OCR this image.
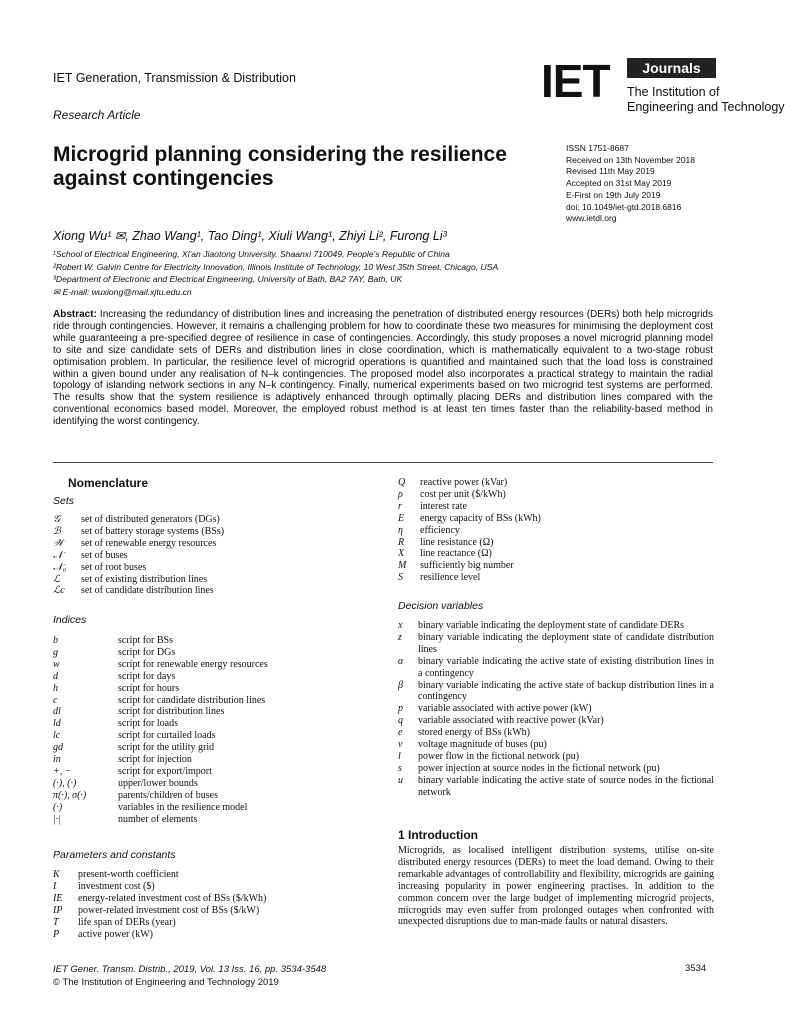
IET Generation, Transmission & Distribution
Research Article
IET	Journals
The Institution of
Engineering and Technology
Microgrid planning considering the resilience against contingencies
ISSN 1751-8687
Received on 13th November 2018
Revised 11th May 2019
Accepted on 31st May 2019
E-First on 19th July 2019
doi: 10.1049/iet-gtd.2018.6816
www.ietdl.org
Xiong Wu¹ ✉, Zhao Wang¹, Tao Ding¹, Xiuli Wang¹, Zhiyi Li², Furong Li³
¹School of Electrical Engineering, Xi'an Jiaotong University, Shaanxi 710049, People's Republic of China
²Robert W. Galvin Centre for Electricity Innovation, Illinois Institute of Technology, 10 West 35th Street, Chicago, USA
³Department of Electronic and Electrical Engineering, University of Bath, BA2 7AY, Bath, UK
✉ E-mail: wuxiong@mail.xjtu.edu.cn
Abstract: Increasing the redundancy of distribution lines and increasing the penetration of distributed energy resources (DERs) both help microgrids ride through contingencies. However, it remains a challenging problem for how to coordinate these two measures for minimising the deployment cost while guaranteeing a pre-specified degree of resilience in case of contingencies. Accordingly, this study proposes a novel microgrid planning model to site and size candidate sets of DERs and distribution lines in close coordination, which is mathematically equivalent to a two-stage robust optimisation problem. In particular, the resilience level of microgrid operations is quantified and maintained such that the load loss is constrained within a given bound under any realisation of N–k contingencies. The proposed model also incorporates a practical strategy to maintain the radial topology of islanding network sections in any N–k contingency. Finally, numerical experiments based on two microgrid test systems are performed. The results show that the system resilience is adaptively enhanced through optimally placing DERs and distribution lines compared with the conventional economics based model. Moreover, the employed robust method is at least ten times faster than the reliability-based method in identifying the worst contingency.
Nomenclature
Sets
𝒢	set of distributed generators (DGs)
ℬ	set of battery storage systems (BSs)
𝒲	set of renewable energy resources
𝒩	set of buses
𝒩₀	set of root buses
ℒ	set of existing distribution lines
ℒc	set of candidate distribution lines
Indices
b	script for BSs
g	script for DGs
w	script for renewable energy resources
d	script for days
h	script for hours
c	script for candidate distribution lines
dl	script for distribution lines
ld	script for loads
lc	script for curtailed loads
gd	script for the utility grid
in	script for injection
+, −	script for export/import
(·), (·)	upper/lower bounds
π(·), σ(·)	parents/children of buses
(·)	variables in the resilience model
|·|	number of elements
Parameters and constants
K	present-worth coefficient
I	investment cost ($)
IE	energy-related investment cost of BSs ($/kWh)
IP	power-related investment cost of BSs ($/kW)
T	life span of DERs (year)
P	active power (kW)
Q	reactive power (kVar)
ρ	cost per unit ($/kWh)
r	interest rate
E	energy capacity of BSs (kWh)
η	efficiency
R	line resistance (Ω)
X	line reactance (Ω)
M	sufficiently big number
S	resilience level
Decision variables
x	binary variable indicating the deployment state of candidate DERs
z	binary variable indicating the deployment state of candidate distribution lines
α	binary variable indicating the active state of existing distribution lines in a contingency
β	binary variable indicating the active state of backup distribution lines in a contingency
p	variable associated with active power (kW)
q	variable associated with reactive power (kVar)
e	stored energy of BSs (kWh)
v	voltage magnitude of buses (pu)
l	power flow in the fictional network (pu)
s	power injection at source nodes in the fictional network (pu)
u	binary variable indicating the active state of source nodes in the fictional network
1 Introduction
Microgrids, as localised intelligent distribution systems, utilise on-site distributed energy resources (DERs) to meet the load demand. Owing to their remarkable advantages of controllability and flexibility, microgrids are gaining increasing popularity in power engineering practises. In addition to the common concern over the large budget of implementing microgrid projects, microgrids may even suffer from prolonged outages when confronted with unexpected disruptions due to man-made faults or natural disasters.
IET Gener. Transm. Distrib., 2019, Vol. 13 Iss. 16, pp. 3534-3548
© The Institution of Engineering and Technology 2019
3534
